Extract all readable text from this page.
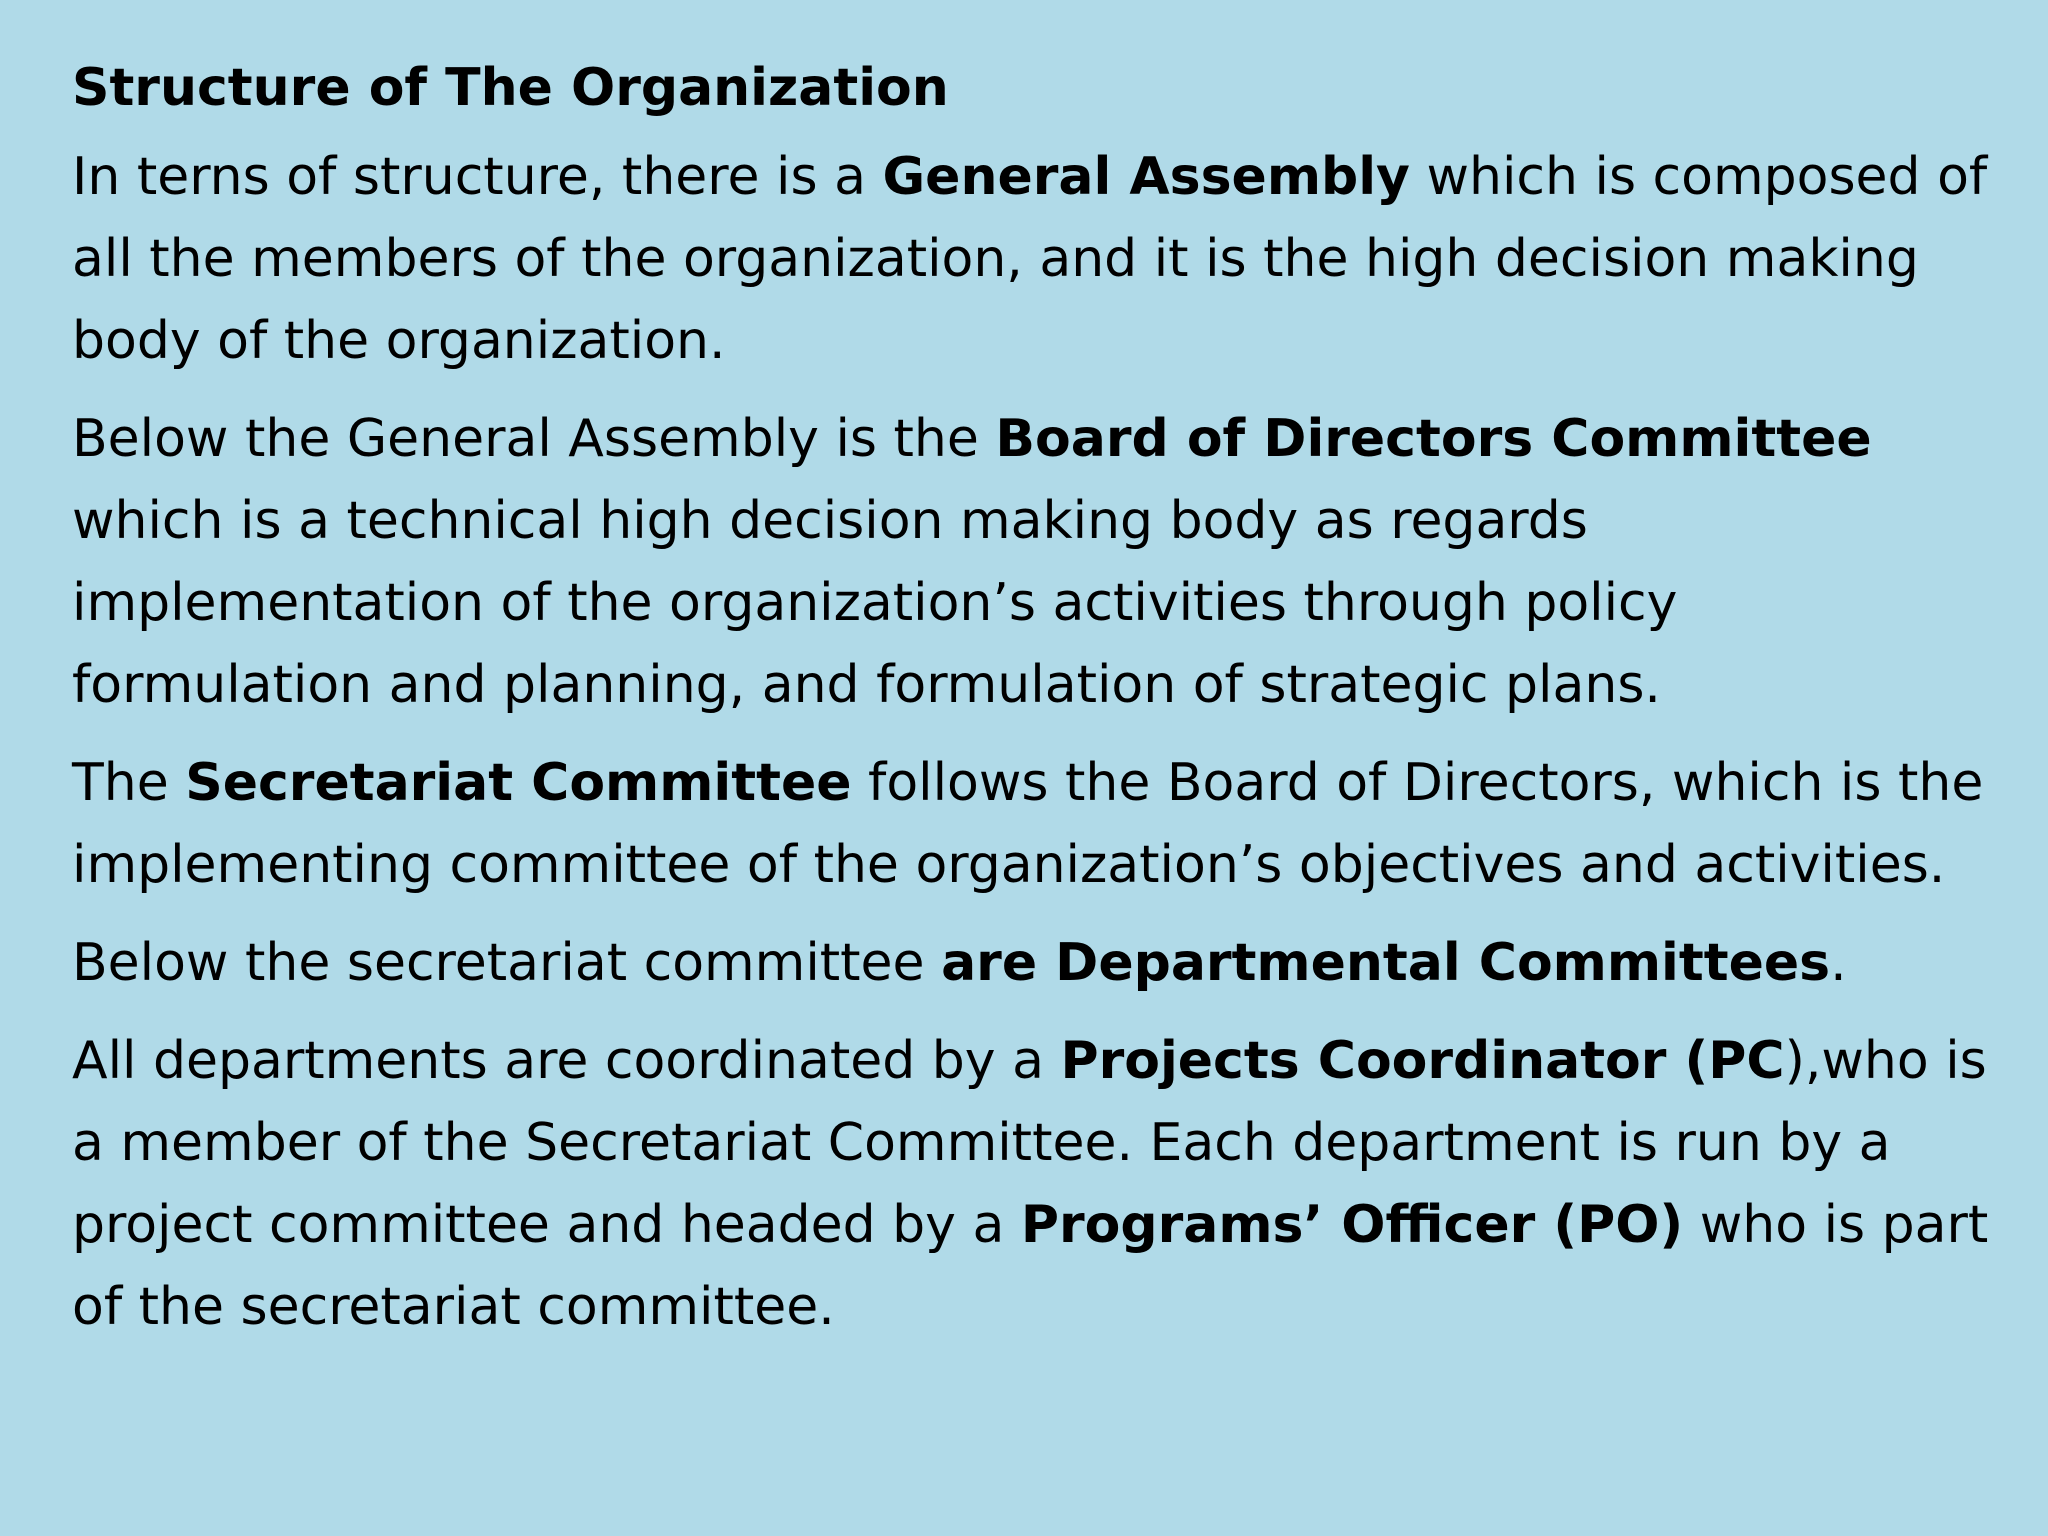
Structure of The Organization

In terns of structure, there is a General Assembly which is composed of all the members of the organization, and it is the high decision making body of the organization.

Below the General Assembly is the Board of Directors Committee which is a technical high decision making body as regards implementation of the organization’s activities through policy formulation and planning, and formulation of strategic plans.

The Secretariat Committee follows the Board of Directors, which is the implementing committee of the organization’s objectives and activities.

Below the secretariat committee are Departmental Committees.

All departments are coordinated by a Projects Coordinator (PC),who is a member of the Secretariat Committee. Each department is run by a project committee and headed by a Programs’ Officer (PO) who is part of the secretariat committee.
